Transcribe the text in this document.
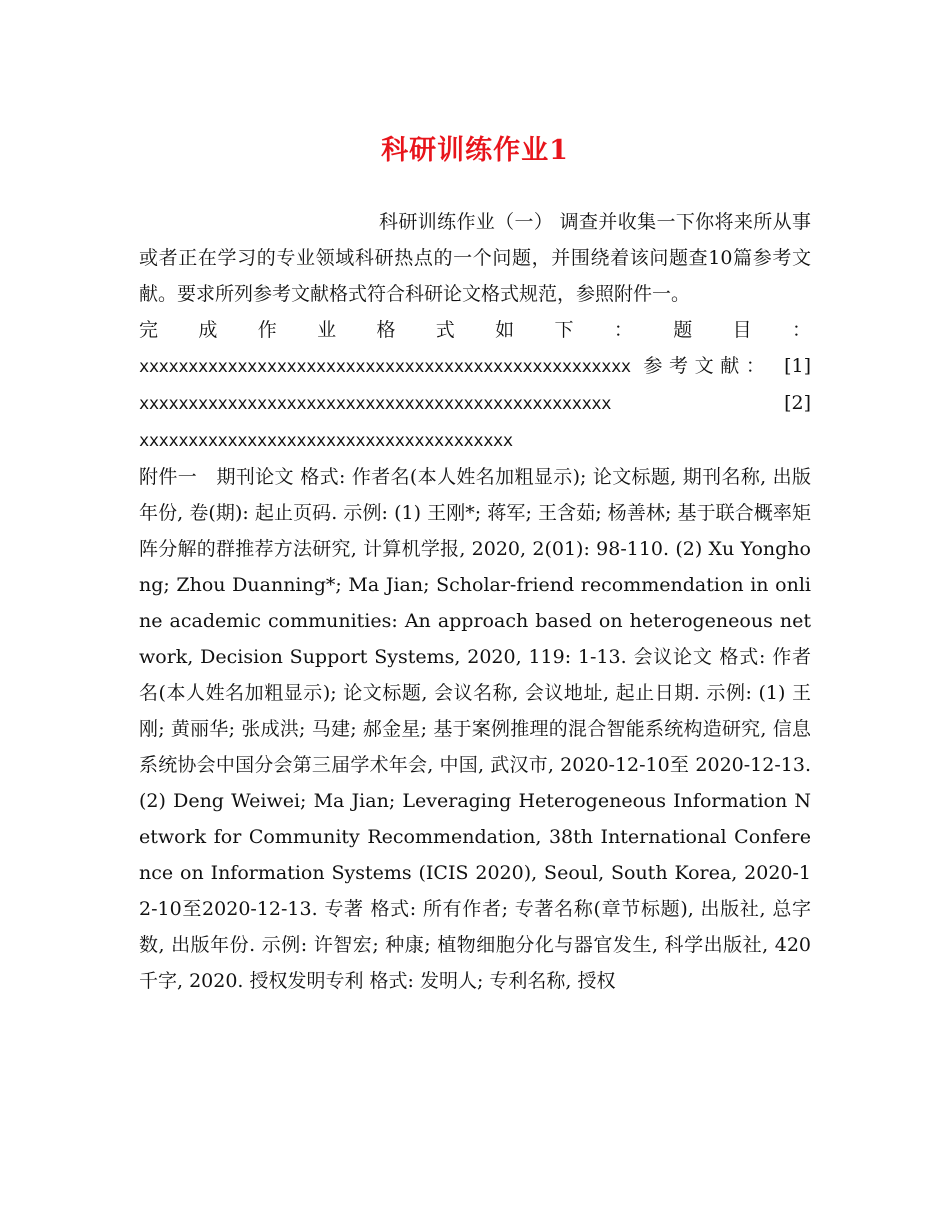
科研训练作业1

科研训练作业（一） 调查并收集一下你将来所从事或者正在学习的专业领域科研热点的一个问题，并围绕着该问题查10篇参考文献。要求所列参考文献格式符合科研论文格式规范，参照附件一。

完 成 作 业 格 式 如 下 ： 题 目 ：

xxxxxxxxxxxxxxxxxxxxxxxxxxxxxxxxxxxxxxxxxxxxxxxxxx 参考文献： [1]

xxxxxxxxxxxxxxxxxxxxxxxxxxxxxxxxxxxxxxxxxxxxxxxx	[2]

xxxxxxxxxxxxxxxxxxxxxxxxxxxxxxxxxxxxxx

附件一　期刊论文 格式: 作者名(本人姓名加粗显示); 论文标题, 期刊名称, 出版年份, 卷(期): 起止页码. 示例: (1) 王刚*; 蒋军; 王含茹; 杨善林; 基于联合概率矩阵分解的群推荐方法研究, 计算机学报, 2020, 2(01): 98-110. (2) Xu Yonghong; Zhou Duanning*; Ma Jian; Scholar-friend recommendation in online academic communities: An approach based on heterogeneous network, Decision Support Systems, 2020, 119: 1-13. 会议论文 格式: 作者名(本人姓名加粗显示); 论文标题, 会议名称, 会议地址, 起止日期. 示例: (1) 王刚; 黄丽华; 张成洪; 马建; 郝金星; 基于案例推理的混合智能系统构造研究, 信息系统协会中国分会第三届学术年会, 中国, 武汉市, 2020-12-10至 2020-12-13. (2) Deng Weiwei; Ma Jian; Leveraging Heterogeneous Information Network for Community Recommendation, 38th International Conference on Information Systems (ICIS 2020), Seoul, South Korea, 2020-12-10至2020-12-13. 专著 格式: 所有作者; 专著名称(章节标题), 出版社, 总字数, 出版年份. 示例: 许智宏; 种康; 植物细胞分化与器官发生, 科学出版社, 420千字, 2020. 授权发明专利 格式: 发明人; 专利名称, 授权
